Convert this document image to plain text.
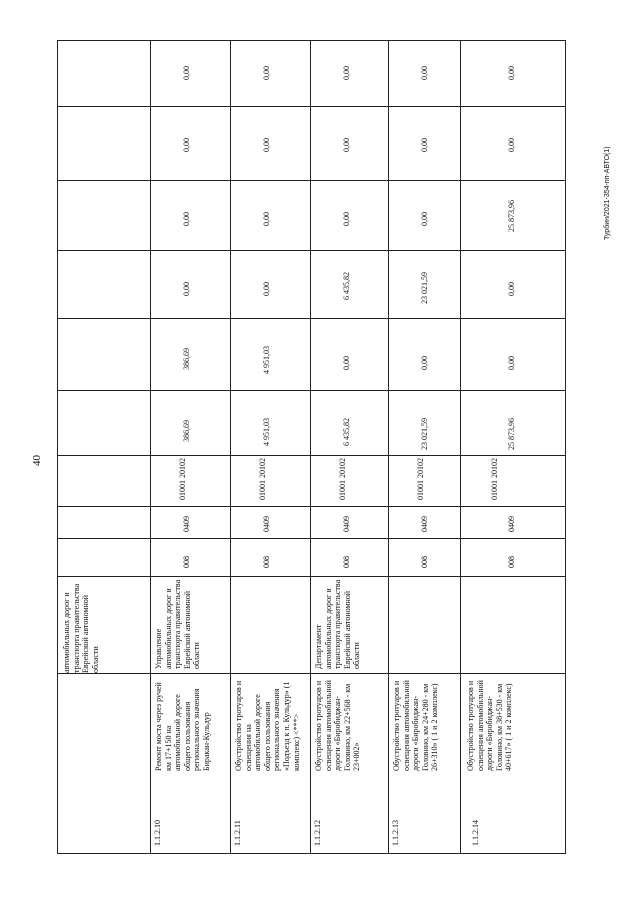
40
Турбин/2021-354-пп-АВТО(1)
автомобильных дорог и транспорта правительства Еврейской автономной области
1.1.2.10
Ремонт моста через ручей км 17+150 на автомобильной дороге общего пользования регионального значения Биракан-Кульдур
Управление автомобильных дорог и транспорта правительства Еврейской автономной области
008
0409
01001 20102
386,69
386,69
0,00
0,00
0,00
0,00
1.1.2.11
Обустройство тротуаров и освещения на автомобильной дороге общего пользования регионального значения «Подъезд к п. Кульдур» (1 комплекс) <***>
008
0409
01001 20102
4 951,03
4 951,03
0,00
0,00
0,00
0,00
1.1.2.12
Обустройство тротуаров и освещения автомобильной дороги «Биробиджан-Головино, км 22+568 - км 23+002»
Департамент автомобильных дорог и транспорта правительства Еврейской автономной области
008
0409
01001 20102
6 435,82
0,00
6 435,82
0,00
0,00
0,00
1.1.2.13
Обустройство тротуаров и освещения автомобильной дороги «Биробиджан-Головино, км 24+280 - км 26+310» ( 1 и 2 комплекс)
008
0409
01001 20102
23 021,59
0,00
23 021,59
0,00
0,00
0,00
1.1.2.14
Обустройство тротуаров и освещения автомобильной дороги «Биробиджан-Головино, км 38+530 - км 40+617» ( 1 и 2 комплекс)
008
0409
01001 20102
25 873,96
0,00
0,00
25 873,96
0,00
0,00
